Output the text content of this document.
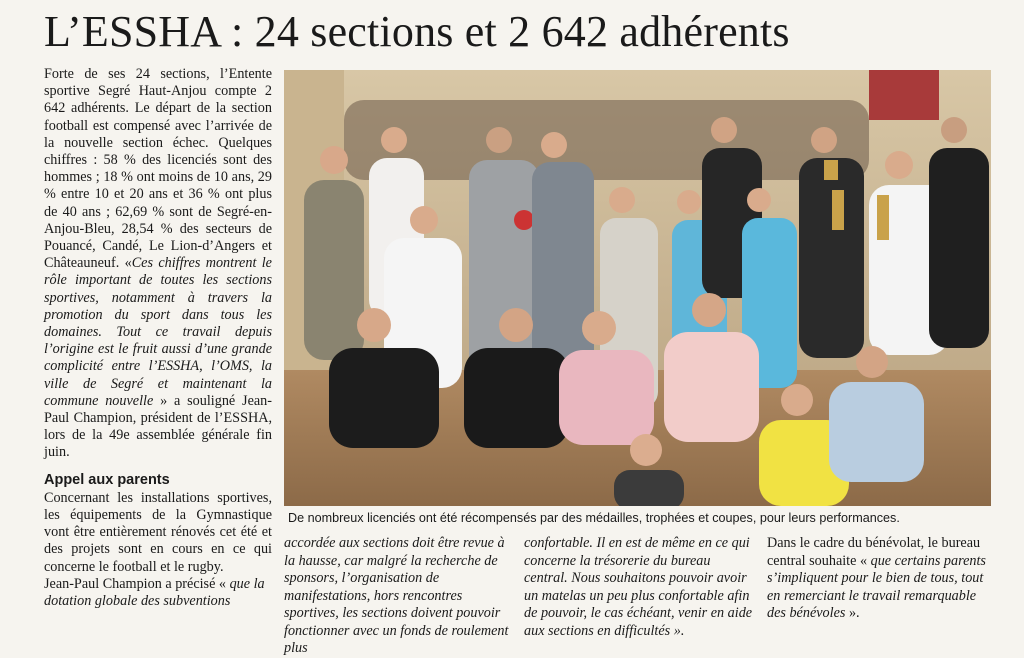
L’ESSHA : 24 sections et 2 642 adhérents

Forte de ses 24 sections, l’Entente sportive Segré Haut-Anjou compte 2 642 adhérents. Le départ de la section football est compensé avec l’arrivée de la nouvelle section échec. Quelques chiffres : 58 % des licenciés sont des hommes ; 18 % ont moins de 10 ans, 29 % entre 10 et 20 ans et 36 % ont plus de 40 ans ; 62,69 % sont de Segré-en-Anjou-Bleu, 28,54 % des secteurs de Pouancé, Candé, Le Lion-d’Angers et Châteauneuf. «Ces chiffres montrent le rôle important de toutes les sections sportives, notamment à travers la promotion du sport dans tous les domaines. Tout ce travail depuis l’origine est le fruit aussi d’une grande complicité entre l’ESSHA, l’OMS, la ville de Segré et maintenant la commune nouvelle » a souligné Jean-Paul Champion, président de l’ESSHA, lors de la 49e assemblée générale fin juin.

Appel aux parents

Concernant les installations sportives, les équipements de la Gymnastique vont être entièrement rénovés cet été et des projets sont en cours en ce qui concerne le football et le rugby.

Jean-Paul Champion a précisé « que la dotation globale des subventions

De nombreux licenciés ont été récompensés par des médailles, trophées et coupes, pour leurs performances.
accordée aux sections doit être revue à la hausse, car malgré la recherche de sponsors, l’organisation de manifestations, hors rencontres sportives, les sections doivent pouvoir fonctionner avec un fonds de roulement plus
confortable. Il en est de même en ce qui concerne la trésorerie du bureau central. Nous souhaitons pouvoir avoir un matelas un peu plus confortable afin de pouvoir, le cas échéant, venir en aide aux sections en difficultés ».
Dans le cadre du bénévolat, le bureau central souhaite « que certains parents s’impliquent pour le bien de tous, tout en remerciant le travail remarquable des bénévoles ».
